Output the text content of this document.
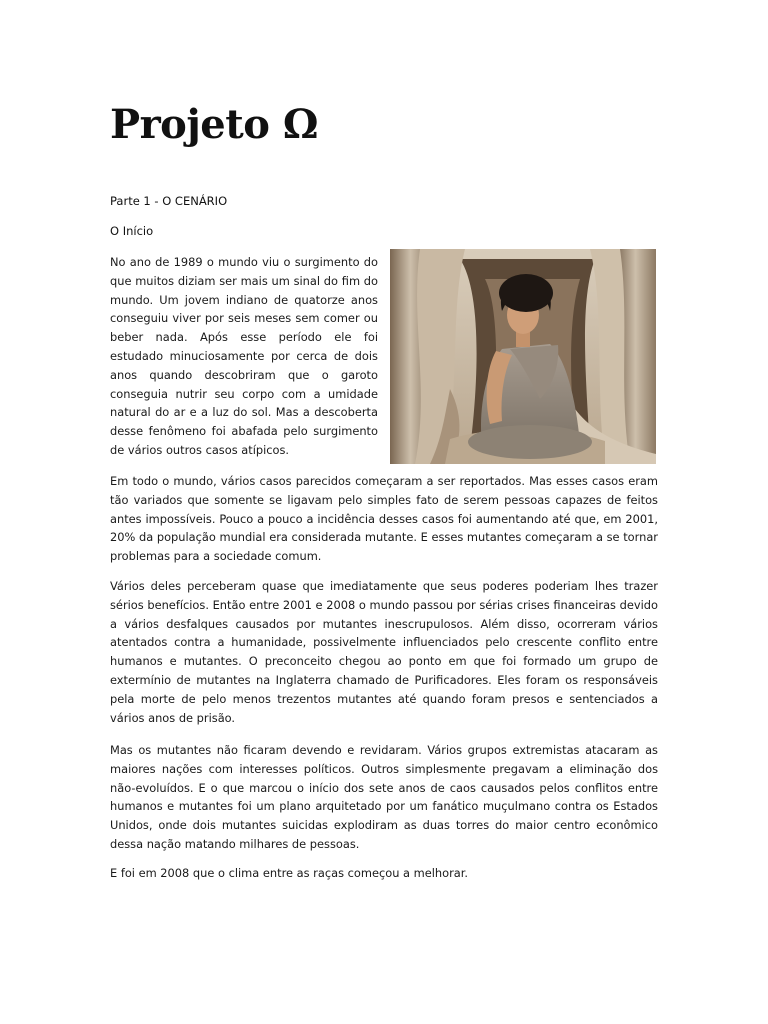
Projeto Ω

Parte 1 - O CENÁRIO

O Início

No ano de 1989 o mundo viu o surgimento do que muitos diziam ser mais um sinal do fim do mundo. Um jovem indiano de quatorze anos conseguiu viver por seis meses sem comer ou beber nada. Após esse período ele foi estudado minuciosamente por cerca de dois anos quando descobriram que o garoto conseguia nutrir seu corpo com a umidade natural do ar e a luz do sol. Mas a descoberta desse fenômeno foi abafada pelo surgimento de vários outros casos atípicos.

Em todo o mundo, vários casos parecidos começaram a ser reportados. Mas esses casos eram tão variados que somente se ligavam pelo simples fato de serem pessoas capazes de feitos antes impossíveis. Pouco a pouco a incidência desses casos foi aumentando até que, em 2001, 20% da população mundial era considerada mutante. E esses mutantes começaram a se tornar problemas para a sociedade comum.

Vários deles perceberam quase que imediatamente que seus poderes poderiam lhes trazer sérios benefícios. Então entre 2001 e 2008 o mundo passou por sérias crises financeiras devido a vários desfalques causados por mutantes inescrupulosos. Além disso, ocorreram vários atentados contra a humanidade, possivelmente influenciados pelo crescente conflito entre humanos e mutantes. O preconceito chegou ao ponto em que foi formado um grupo de extermínio de mutantes na Inglaterra chamado de Purificadores. Eles foram os responsáveis pela morte de pelo menos trezentos mutantes até quando foram presos e sentenciados a vários anos de prisão.

Mas os mutantes não ficaram devendo e revidaram. Vários grupos extremistas atacaram as maiores nações com interesses políticos. Outros simplesmente pregavam a eliminação dos não-evoluídos. E o que marcou o início dos sete anos de caos causados pelos conflitos entre humanos e mutantes foi um plano arquitetado por um fanático muçulmano contra os Estados Unidos, onde dois mutantes suicidas explodiram as duas torres do maior centro econômico dessa nação matando milhares de pessoas.

E foi em 2008 que o clima entre as raças começou a melhorar.
